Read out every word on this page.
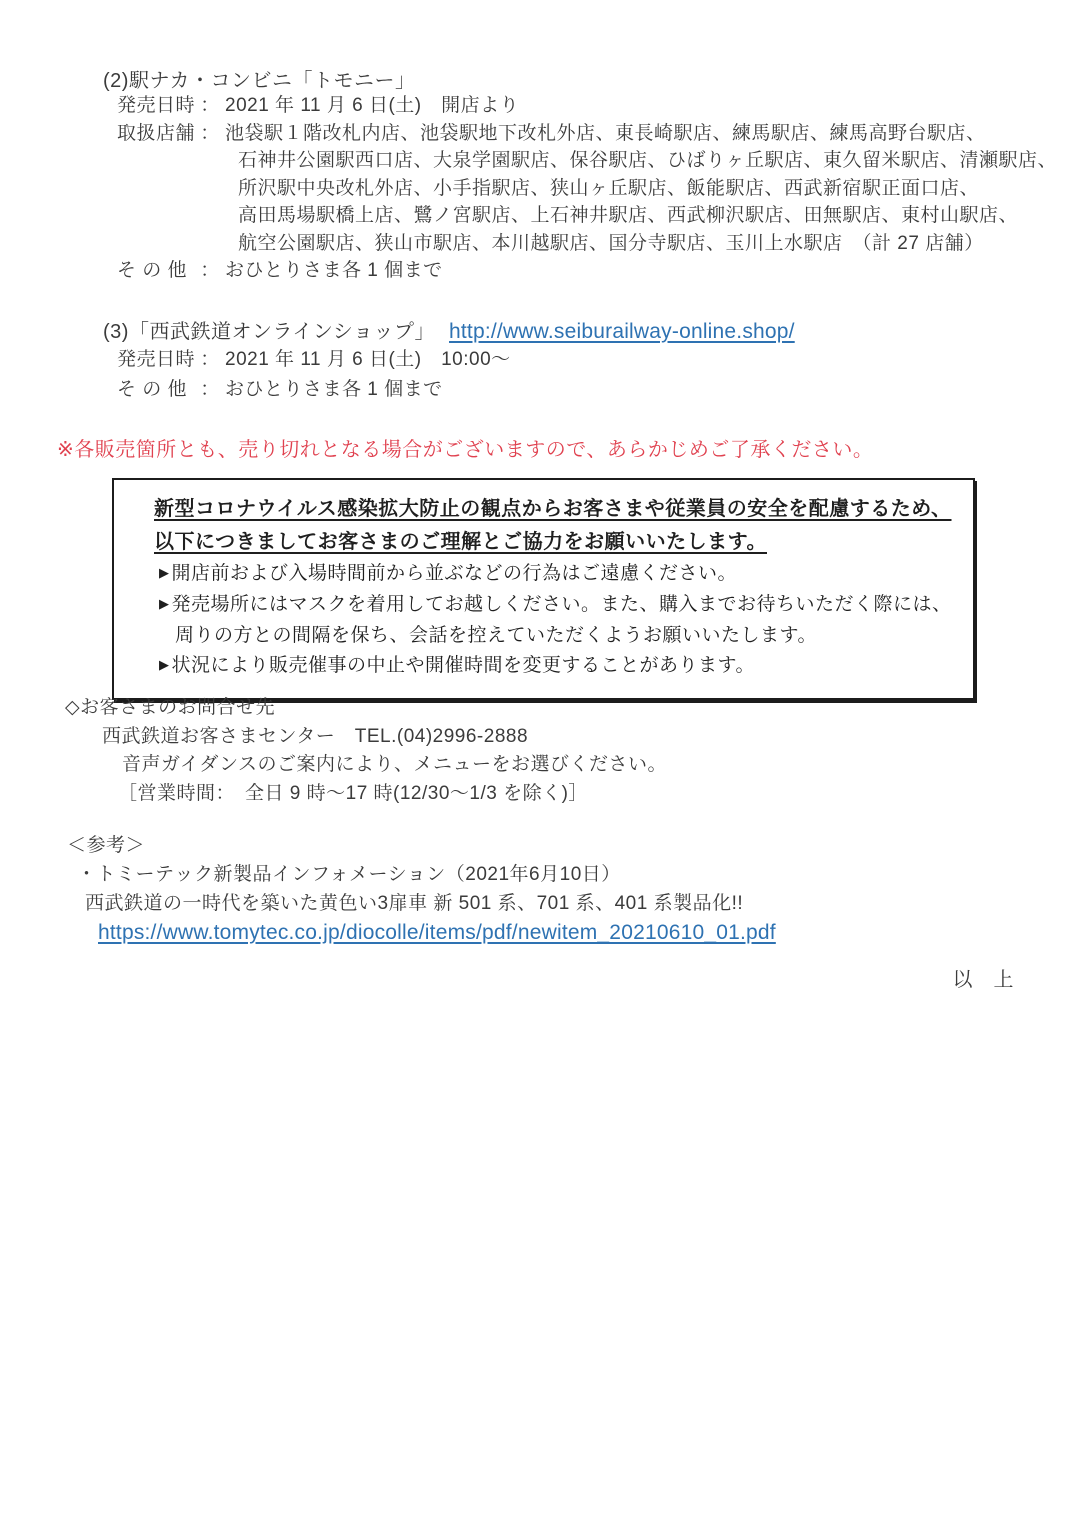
(2)駅ナカ・コンビニ「トモニー」
発売日時 ： 2021 年 11 月 6 日(土)　開店より
取扱店舗 ： 池袋駅１階改札内店、池袋駅地下改札外店、東長崎駅店、練馬駅店、練馬高野台駅店、
石神井公園駅西口店、大泉学園駅店、保谷駅店、ひばりヶ丘駅店、東久留米駅店、清瀬駅店、
所沢駅中央改札外店、小手指駅店、狭山ヶ丘駅店、飯能駅店、西武新宿駅正面口店、
高田馬場駅橋上店、鷺ノ宮駅店、上石神井駅店、西武柳沢駅店、田無駅店、東村山駅店、
航空公園駅店、狭山市駅店、本川越駅店、国分寺駅店、玉川上水駅店　（計 27 店舗）
そ の 他 ： おひとりさま各 1 個まで
(3)「西武鉄道オンラインショップ」 http://www.seiburailway-online.shop/
発売日時 ： 2021 年 11 月 6 日(土)　10:00～
そ の 他 ： おひとりさま各 1 個まで
※各販売箇所とも、売り切れとなる場合がございますので、あらかじめご了承ください。
新型コロナウイルス感染拡大防止の観点からお客さまや従業員の安全を配慮するため、
以下につきましてお客さまのご理解とご協力をお願いいたします。
▶ 開店前および入場時間前から並ぶなどの行為はご遠慮ください。
▶ 発売場所にはマスクを着用してお越しください。また、購入までお待ちいただく際には、
周りの方との間隔を保ち、会話を控えていただくようお願いいたします。
▶ 状況により販売催事の中止や開催時間を変更することがあります。
◇お客さまのお問合せ先
西武鉄道お客さまセンター　TEL.(04)2996-2888
音声ガイダンスのご案内により、メニューをお選びください。
［営業時間：　全日 9 時～17 時(12/30～1/3 を除く)］
＜参考＞
・トミーテック新製品インフォメーション（2021年6月10日）
西武鉄道の一時代を築いた黄色い3扉車 新 501 系、701 系、401 系製品化!!
https://www.tomytec.co.jp/diocolle/items/pdf/newitem_20210610_01.pdf
以　上
